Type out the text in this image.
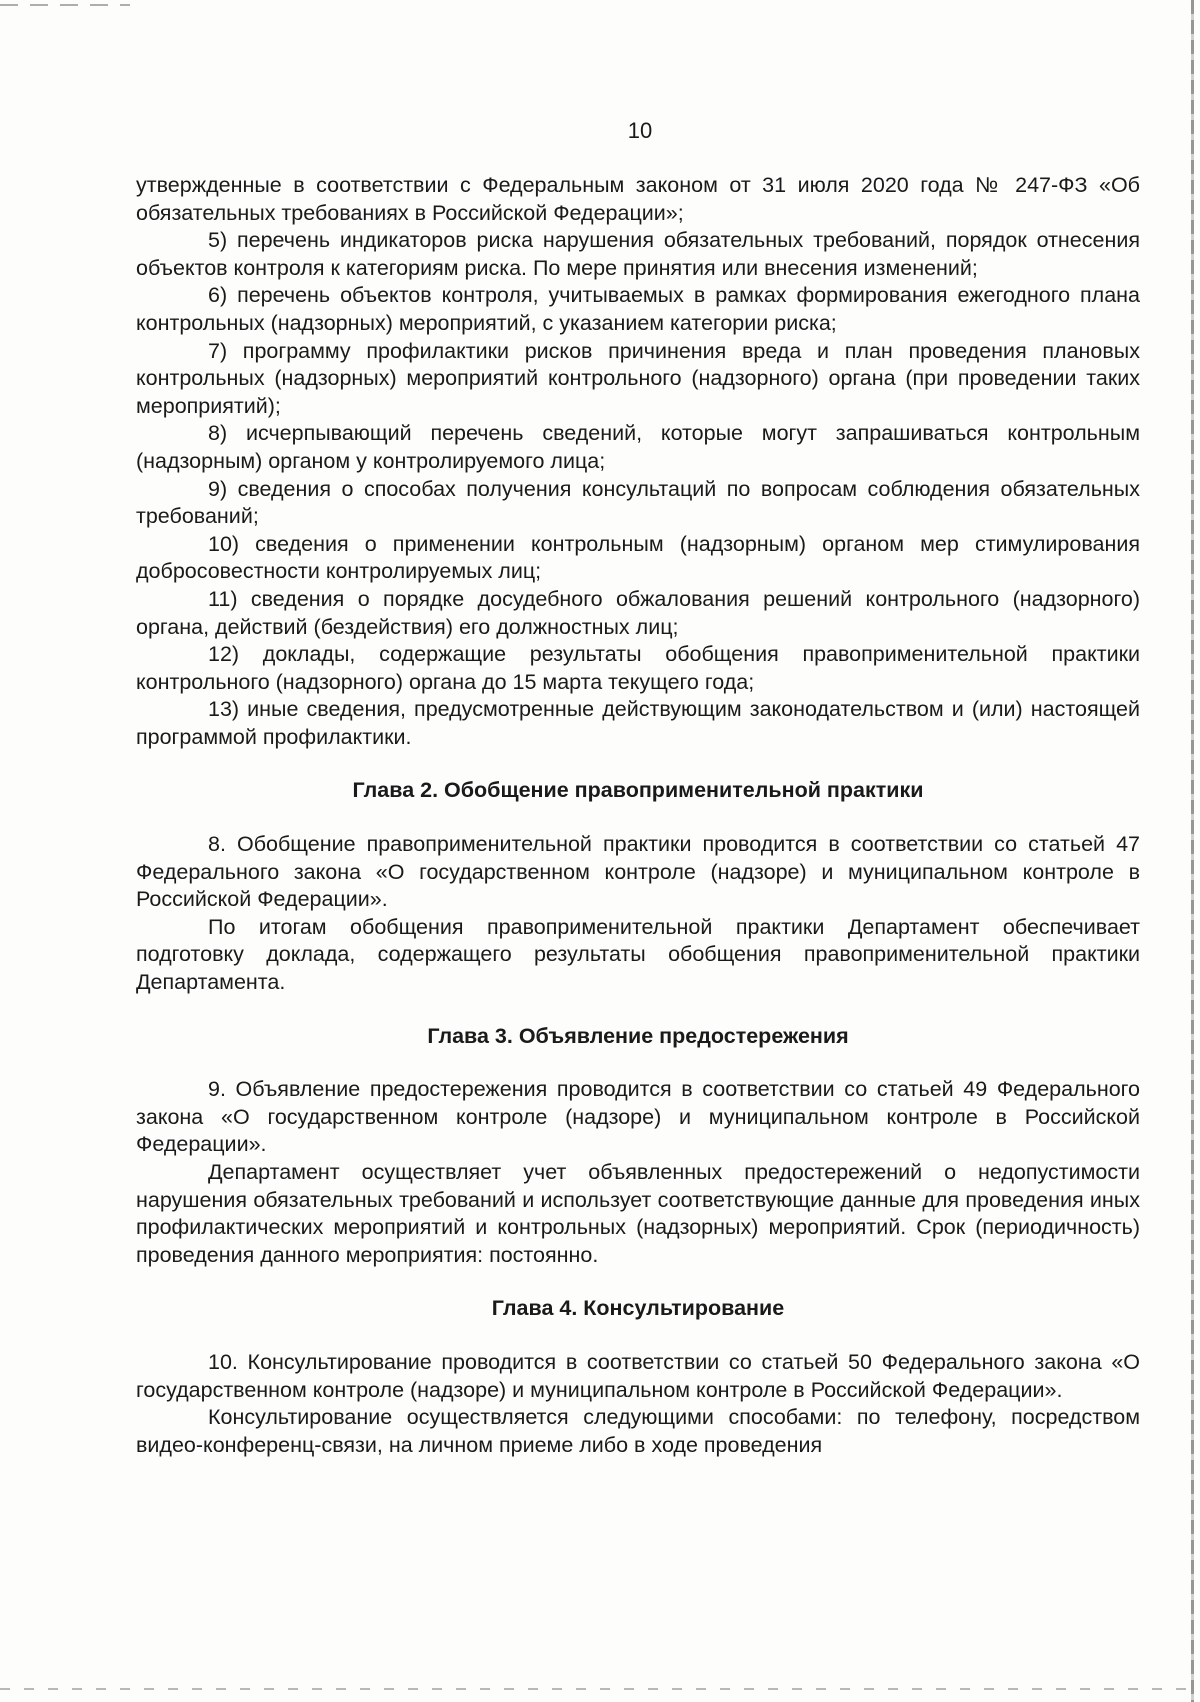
10

утвержденные в соответствии с Федеральным законом от 31 июля 2020 года № 247-ФЗ «Об обязательных требованиях в Российской Федерации»;

5) перечень индикаторов риска нарушения обязательных требований, порядок отнесения объектов контроля к категориям риска. По мере принятия или внесения изменений;

6) перечень объектов контроля, учитываемых в рамках формирования ежегодного плана контрольных (надзорных) мероприятий, с указанием категории риска;

7) программу профилактики рисков причинения вреда и план проведения плановых контрольных (надзорных) мероприятий контрольного (надзорного) органа (при проведении таких мероприятий);

8) исчерпывающий перечень сведений, которые могут запрашиваться контрольным (надзорным) органом у контролируемого лица;

9) сведения о способах получения консультаций по вопросам соблюдения обязательных требований;

10) сведения о применении контрольным (надзорным) органом мер стимулирования добросовестности контролируемых лиц;

11) сведения о порядке досудебного обжалования решений контрольного (надзорного) органа, действий (бездействия) его должностных лиц;

12) доклады, содержащие результаты обобщения правоприменительной практики контрольного (надзорного) органа до 15 марта текущего года;

13) иные сведения, предусмотренные действующим законодательством и (или) настоящей программой профилактики.

Глава 2. Обобщение правоприменительной практики

8. Обобщение правоприменительной практики проводится в соответствии со статьей 47 Федерального закона «О государственном контроле (надзоре) и муниципальном контроле в Российской Федерации».

По итогам обобщения правоприменительной практики Департамент обеспечивает подготовку доклада, содержащего результаты обобщения правоприменительной практики Департамента.

Глава 3. Объявление предостережения

9. Объявление предостережения проводится в соответствии со статьей 49 Федерального закона «О государственном контроле (надзоре) и муниципальном контроле в Российской Федерации».

Департамент осуществляет учет объявленных предостережений о недопустимости нарушения обязательных требований и использует соответствующие данные для проведения иных профилактических мероприятий и контрольных (надзорных) мероприятий. Срок (периодичность) проведения данного мероприятия: постоянно.

Глава 4. Консультирование

10. Консультирование проводится в соответствии со статьей 50 Федерального закона «О государственном контроле (надзоре) и муниципальном контроле в Российской Федерации».

Консультирование осуществляется следующими способами: по телефону, посредством видео-конференц-связи, на личном приеме либо в ходе проведения
